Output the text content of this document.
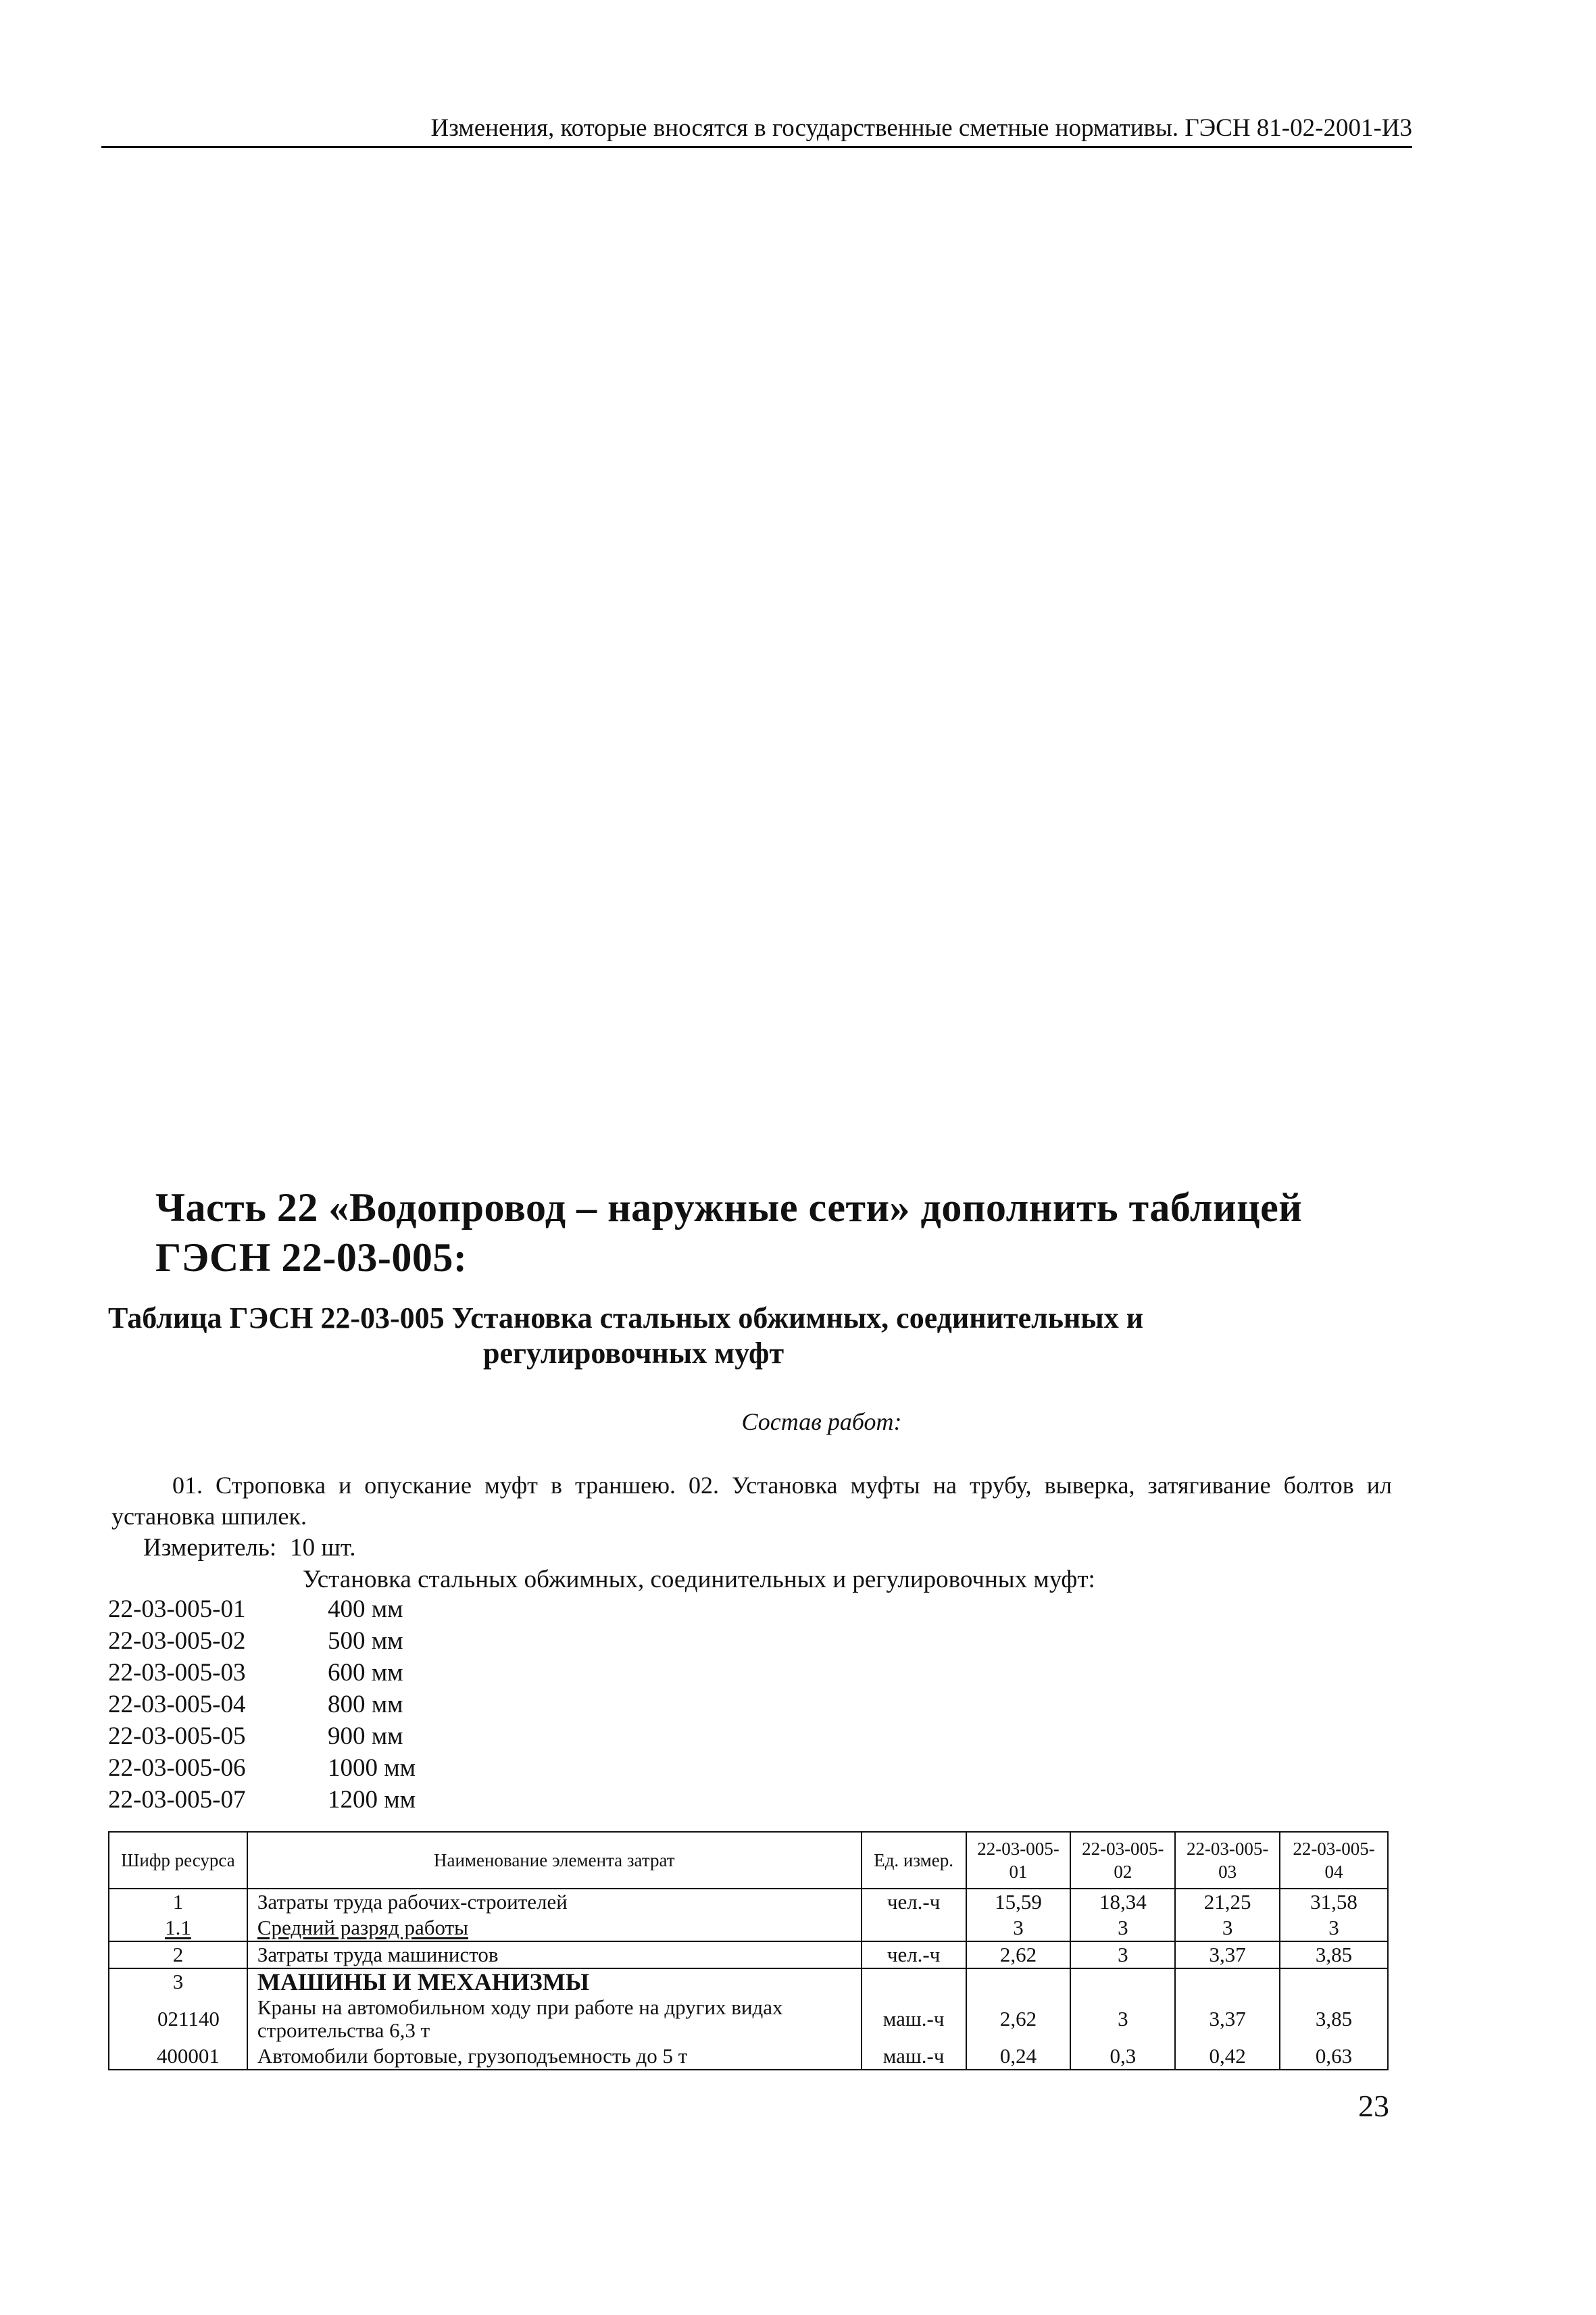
Изменения, которые вносятся в государственные сметные нормативы. ГЭСН 81-02-2001-И3
Часть 22 «Водопровод – наружные сети» дополнить таблицей ГЭСН 22-03-005:
Таблица ГЭСН 22-03-005 Установка стальных обжимных, соединительных и
регулировочных муфт
Состав работ:
01. Строповка и опускание муфт в траншею. 02. Установка муфты на трубу, выверка, затягивание болтов ил установка шпилек.
Измеритель: 10 шт.
Установка стальных обжимных, соединительных и регулировочных муфт:
22-03-005-01	400 мм
22-03-005-02	500 мм
22-03-005-03	600 мм
22-03-005-04	800 мм
22-03-005-05	900 мм
22-03-005-06	1000 мм
22-03-005-07	1200 мм
Шифр ресурса	Наименование элемента затрат	Ед. измер.	22-03-005-01	22-03-005-02	22-03-005-03	22-03-005-04
1	Затраты труда рабочих-строителей	чел.-ч	15,59	18,34	21,25	31,58
1.1	Средний разряд работы		3	3	3	3
2	Затраты труда машинистов	чел.-ч	2,62	3	3,37	3,85
3	МАШИНЫ И МЕХАНИЗМЫ					
021140	Краны на автомобильном ходу при работе на других видах строительства 6,3 т	маш.-ч	2,62	3	3,37	3,85
400001	Автомобили бортовые, грузоподъемность до 5 т	маш.-ч	0,24	0,3	0,42	0,63
23
